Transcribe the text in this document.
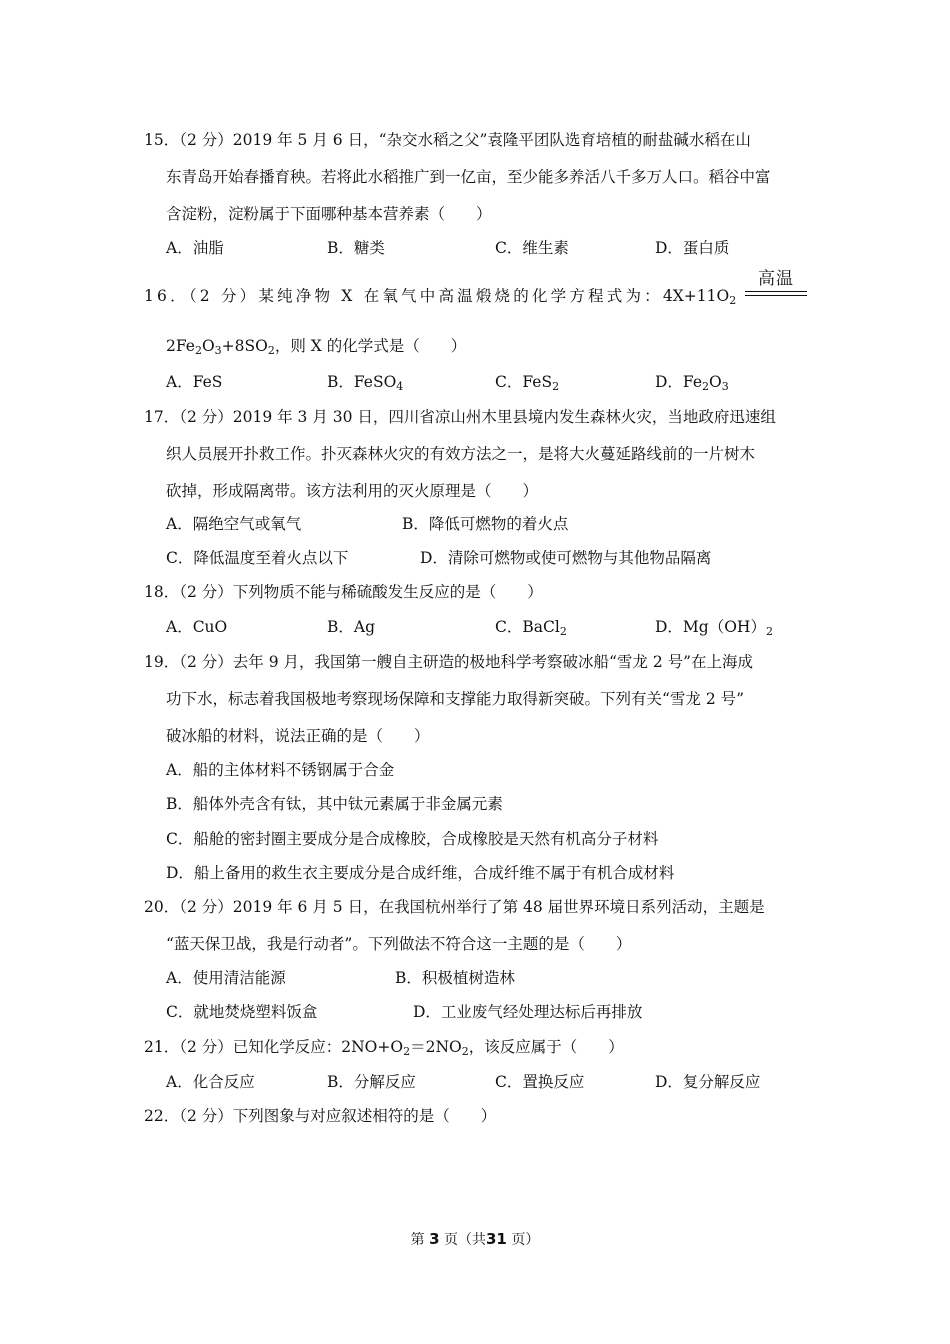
15．（2 分）2019 年 5 月 6 日，“杂交水稻之父”袁隆平团队选育培植的耐盐碱水稻在山
东青岛开始春播育秧。若将此水稻推广到一亿亩，至少能多养活八千多万人口。稻谷中富
含淀粉，淀粉属于下面哪种基本营养素（　　）
A．油脂	B．糖类	C．维生素	D．蛋白质
16．（2 分）某纯净物 X 在氧气中高温煅烧的化学方程式为：$4X+11O_2$
高温
$2Fe_2O_3+8SO_2$，则 X 的化学式是（　　）
A．FeS	B．FeSO$_4$	C．FeS$_2$	D．$Fe_2O_3$
17．（2 分）2019 年 3 月 30 日，四川省凉山州木里县境内发生森林火灾，当地政府迅速组
织人员展开扑救工作。扑灭森林火灾的有效方法之一，是将大火蔓延路线前的一片树木
砍掉，形成隔离带。该方法利用的灭火原理是（　　）
A．隔绝空气或氧气	B．降低可燃物的着火点
C．降低温度至着火点以下	D．清除可燃物或使可燃物与其他物品隔离
18．（2 分）下列物质不能与稀硫酸发生反应的是（　　）
A．CuO	B．Ag	C．BaCl$_2$	D．$Mg(OH)_2$
19．（2 分）去年 9 月，我国第一艘自主研造的极地科学考察破冰船“雪龙 2 号”在上海成
功下水，标志着我国极地考察现场保障和支撑能力取得新突破。下列有关“雪龙 2 号”
破冰船的材料，说法正确的是（　　）
A．船的主体材料不锈钢属于合金
B．船体外壳含有钛，其中钛元素属于非金属元素
C．船舱的密封圈主要成分是合成橡胶，合成橡胶是天然有机高分子材料
D．船上备用的救生衣主要成分是合成纤维，合成纤维不属于有机合成材料
20．（2 分）2019 年 6 月 5 日，在我国杭州举行了第 48 届世界环境日系列活动，主题是
“蓝天保卫战，我是行动者”。下列做法不符合这一主题的是（　　）
A．使用清洁能源	B．积极植树造林
C．就地焚烧塑料饭盒	D．工业废气经处理达标后再排放
21．（2 分）已知化学反应：$2NO+O_2=2NO_2$，该反应属于（　　）
A．化合反应	B．分解反应	C．置换反应	D．复分解反应
22．（2 分）下列图象与对应叙述相符的是（　　）
第 3 页（共31 页）
